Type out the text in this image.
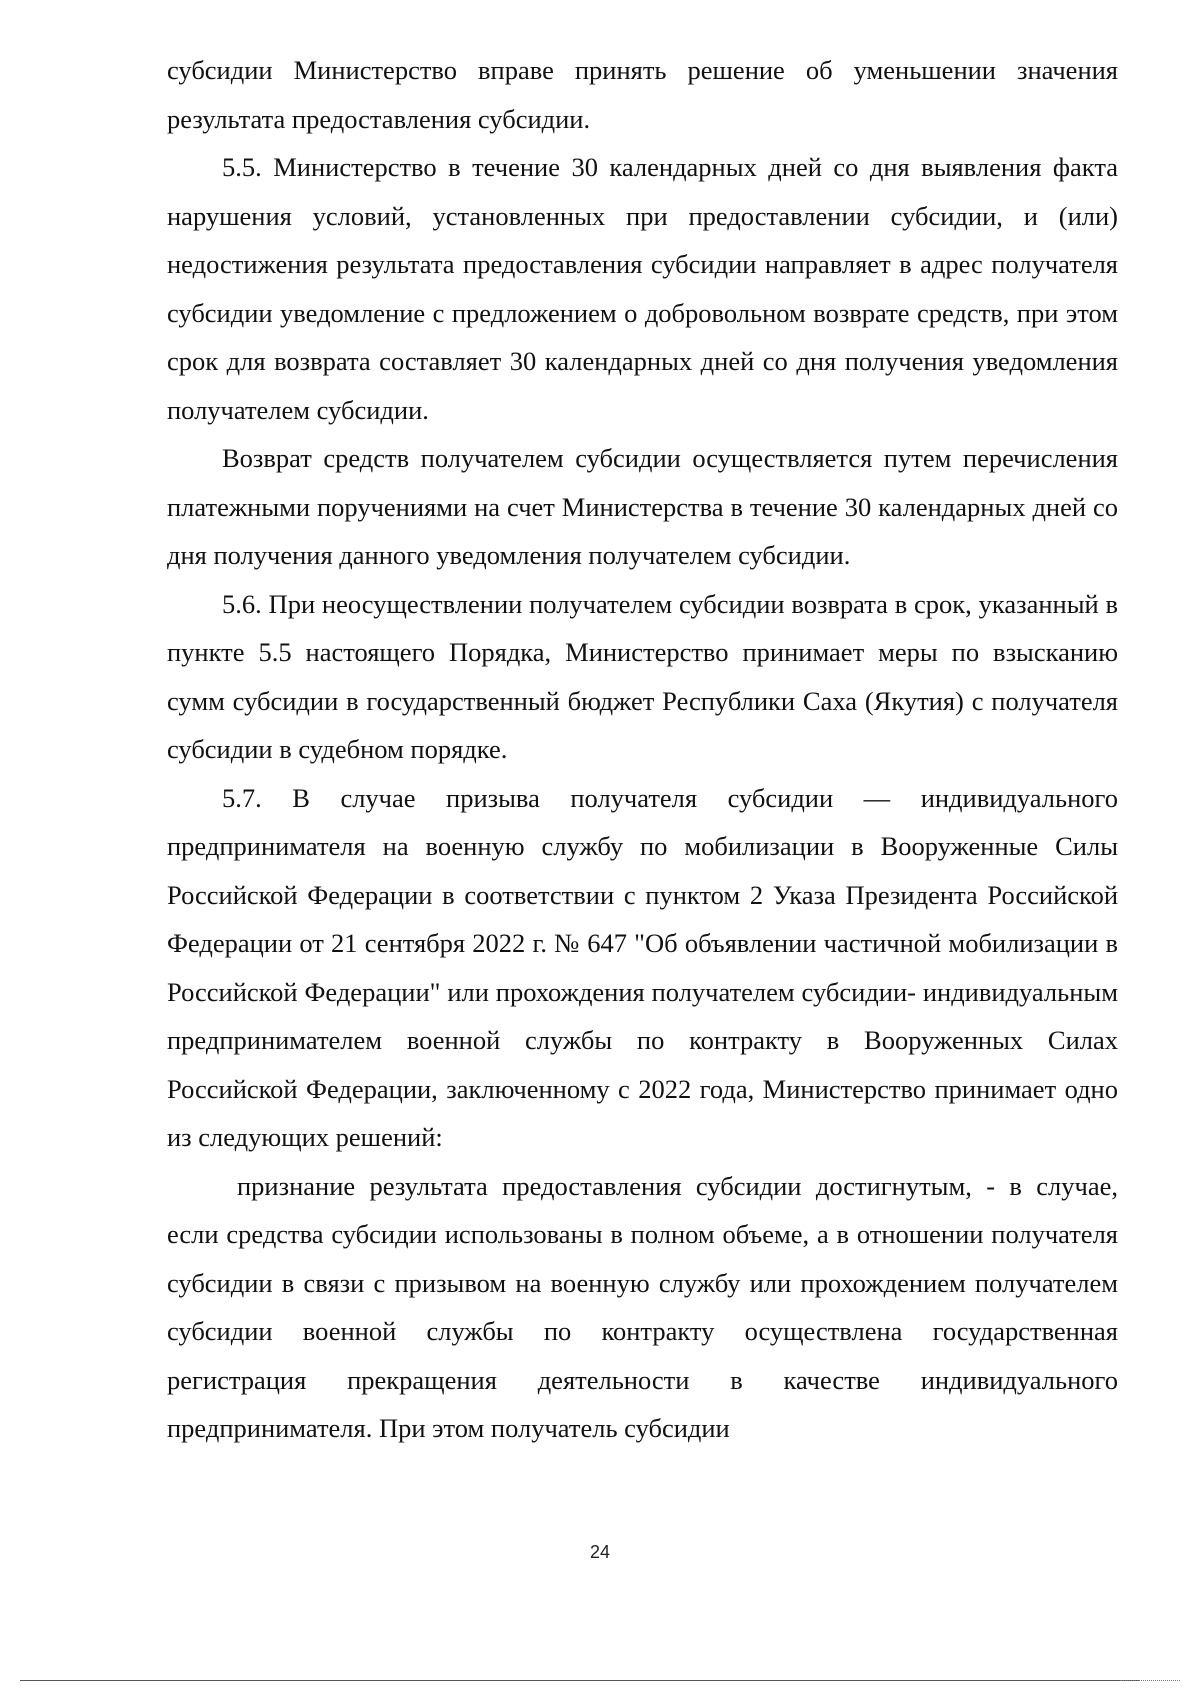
субсидии Министерство вправе принять решение об уменьшении значения результата предоставления субсидии.

5.5. Министерство в течение 30 календарных дней со дня выявления факта нарушения условий, установленных при предоставлении субсидии, и (или) недостижения результата предоставления субсидии направляет в адрес получателя субсидии уведомление с предложением о добровольном возврате средств, при этом срок для возврата составляет 30 календарных дней со дня получения уведомления получателем субсидии.

Возврат средств получателем субсидии осуществляется путем перечисления платежными поручениями на счет Министерства в течение 30 календарных дней со дня получения данного уведомления получателем субсидии.

5.6. При неосуществлении получателем субсидии возврата в срок, указанный в пункте 5.5 настоящего Порядка, Министерство принимает меры по взысканию сумм субсидии в государственный бюджет Республики Саха (Якутия) с получателя субсидии в судебном порядке.

5.7. В случае призыва получателя субсидии — индивидуального предпринимателя на военную службу по мобилизации в Вооруженные Силы Российской Федерации в соответствии с пунктом 2 Указа Президента Российской Федерации от 21 сентября 2022 г. № 647 "Об объявлении частичной мобилизации в Российской Федерации" или прохождения получателем субсидии- индивидуальным предпринимателем военной службы по контракту в Вооруженных Силах Российской Федерации, заключенному с 2022 года, Министерство принимает одно из следующих решений:

признание результата предоставления субсидии достигнутым, - в случае, если средства субсидии использованы в полном объеме, а в отношении получателя субсидии в связи с призывом на военную службу или прохождением получателем субсидии военной службы по контракту осуществлена государственная регистрация прекращения деятельности в качестве индивидуального предпринимателя. При этом получатель субсидии

24
